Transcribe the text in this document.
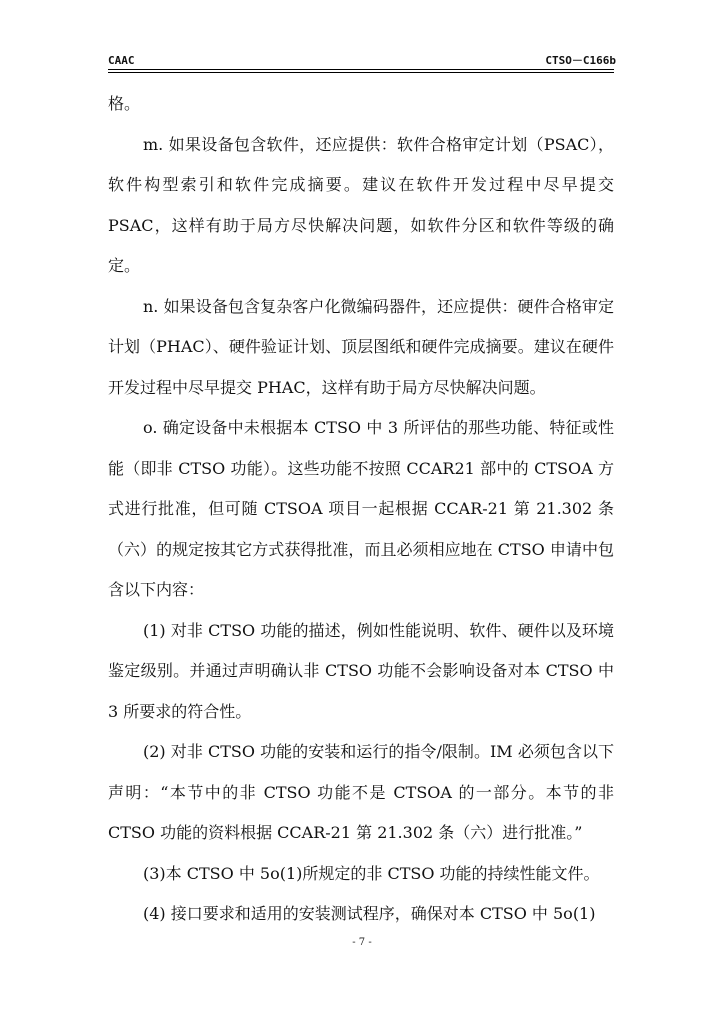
CAAC	CTSO－C166b

格。

m. 如果设备包含软件，还应提供：软件合格审定计划（PSAC），软件构型索引和软件完成摘要。建议在软件开发过程中尽早提交 PSAC，这样有助于局方尽快解决问题，如软件分区和软件等级的确定。

n. 如果设备包含复杂客户化微编码器件，还应提供：硬件合格审定计划（PHAC）、硬件验证计划、顶层图纸和硬件完成摘要。建议在硬件开发过程中尽早提交 PHAC，这样有助于局方尽快解决问题。

o. 确定设备中未根据本 CTSO 中 3 所评估的那些功能、特征或性能（即非 CTSO 功能）。这些功能不按照 CCAR21 部中的 CTSOA 方式进行批准，但可随 CTSOA 项目一起根据 CCAR-21 第 21.302 条（六）的规定按其它方式获得批准，而且必须相应地在 CTSO 申请中包含以下内容：

(1) 对非 CTSO 功能的描述，例如性能说明、软件、硬件以及环境鉴定级别。并通过声明确认非 CTSO 功能不会影响设备对本 CTSO 中 3 所要求的符合性。

(2) 对非 CTSO 功能的安装和运行的指令/限制。IM 必须包含以下声明：“本节中的非 CTSO 功能不是 CTSOA 的一部分。本节的非 CTSO 功能的资料根据 CCAR-21 第 21.302 条（六）进行批准。”

(3)本 CTSO 中 5o(1)所规定的非 CTSO 功能的持续性能文件。

(4) 接口要求和适用的安装测试程序，确保对本 CTSO 中 5o(1)

- 7 -
